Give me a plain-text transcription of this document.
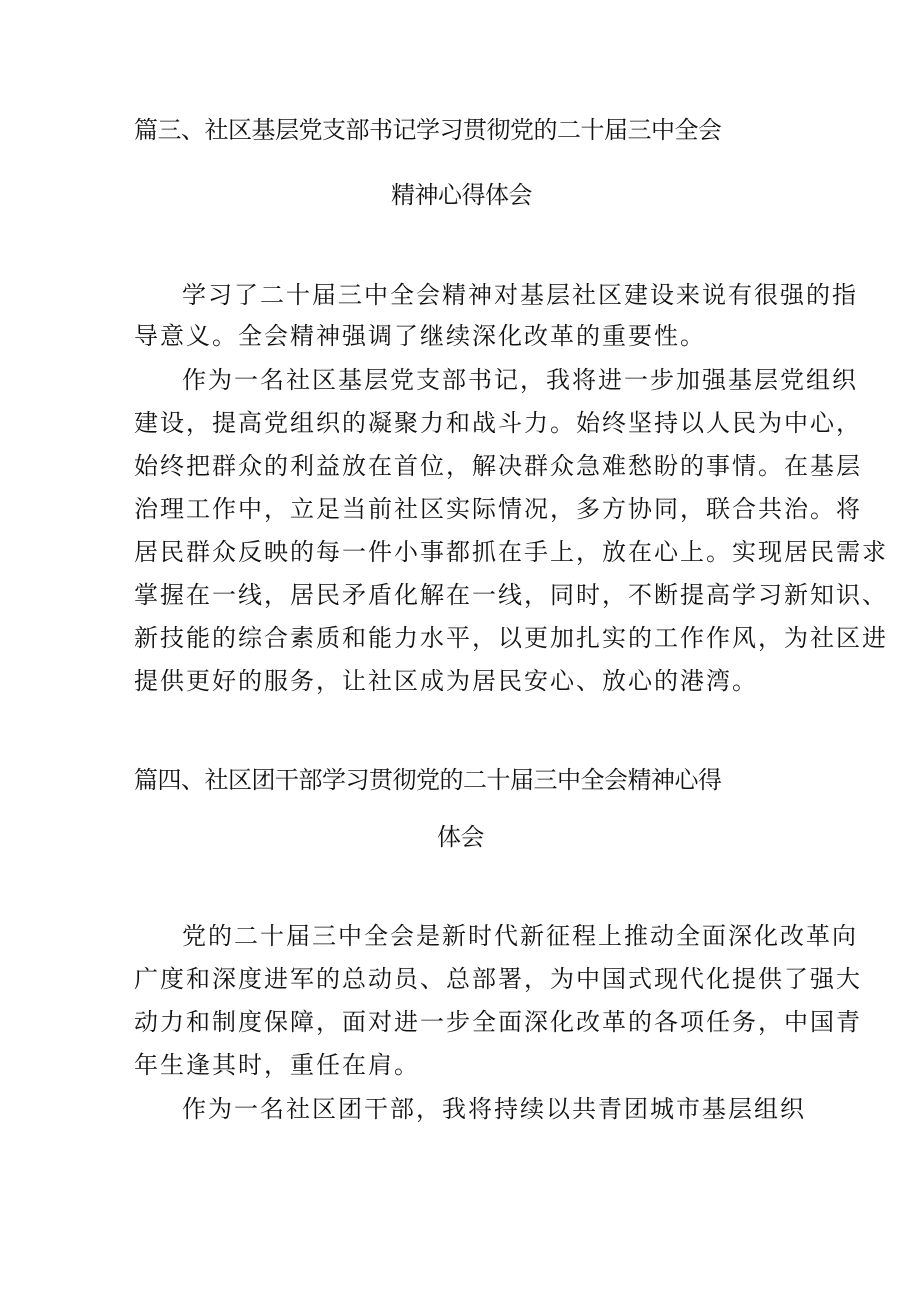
篇三、社区基层党支部书记学习贯彻党的二十届三中全会
精神心得体会
学习了二十届三中全会精神对基层社区建设来说有很强的指
导意义。全会精神强调了继续深化改革的重要性。
作为一名社区基层党支部书记，我将进一步加强基层党组织
建设，提高党组织的凝聚力和战斗力。始终坚持以人民为中心，
始终把群众的利益放在首位，解决群众急难愁盼的事情。在基层
治理工作中，立足当前社区实际情况，多方协同，联合共治。将
居民群众反映的每一件小事都抓在手上，放在心上。实现居民需求
掌握在一线，居民矛盾化解在一线，同时，不断提高学习新知识、
新技能的综合素质和能力水平，以更加扎实的工作作风，为社区进
提供更好的服务，让社区成为居民安心、放心的港湾。
篇四、社区团干部学习贯彻党的二十届三中全会精神心得
体会
党的二十届三中全会是新时代新征程上推动全面深化改革向
广度和深度进军的总动员、总部署，为中国式现代化提供了强大
动力和制度保障，面对进一步全面深化改革的各项任务，中国青
年生逢其时，重任在肩。
作为一名社区团干部，我将持续以共青团城市基层组织
